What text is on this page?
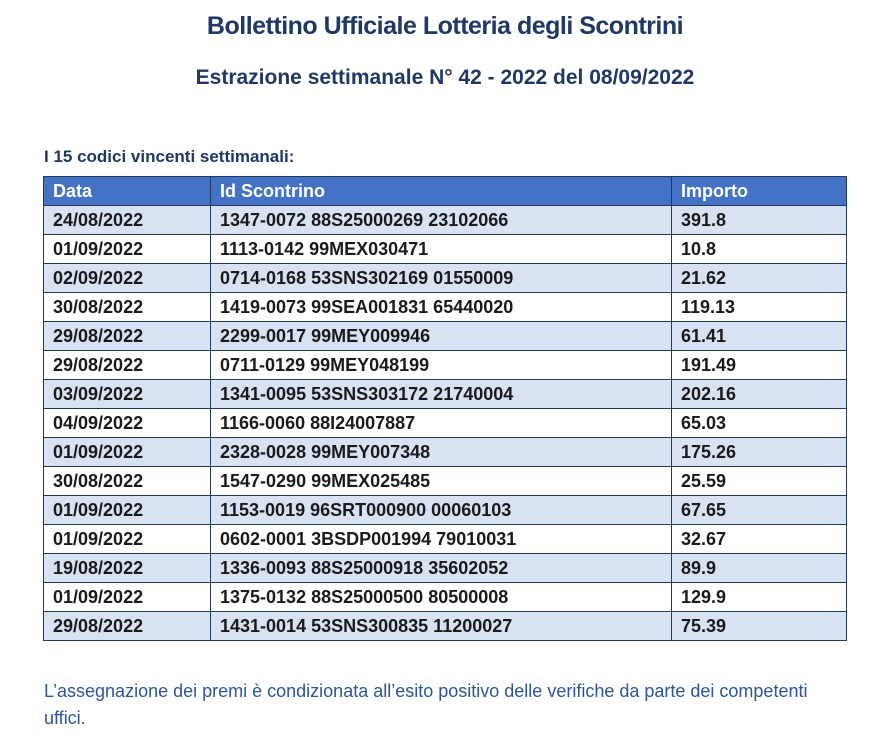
Bollettino Ufficiale Lotteria degli Scontrini
Estrazione settimanale N° 42 - 2022 del 08/09/2022
I 15 codici vincenti settimanali:
Data	Id Scontrino	Importo
24/08/2022	1347-0072 88S25000269 23102066	391.8
01/09/2022	1113-0142 99MEX030471	10.8
02/09/2022	0714-0168 53SNS302169 01550009	21.62
30/08/2022	1419-0073 99SEA001831 65440020	119.13
29/08/2022	2299-0017 99MEY009946	61.41
29/08/2022	0711-0129 99MEY048199	191.49
03/09/2022	1341-0095 53SNS303172 21740004	202.16
04/09/2022	1166-0060 88I24007887	65.03
01/09/2022	2328-0028 99MEY007348	175.26
30/08/2022	1547-0290 99MEX025485	25.59
01/09/2022	1153-0019 96SRT000900 00060103	67.65
01/09/2022	0602-0001 3BSDP001994 79010031	32.67
19/08/2022	1336-0093 88S25000918 35602052	89.9
01/09/2022	1375-0132 88S25000500 80500008	129.9
29/08/2022	1431-0014 53SNS300835 11200027	75.39
L’assegnazione dei premi è condizionata all’esito positivo delle verifiche da parte dei competenti uffici.
